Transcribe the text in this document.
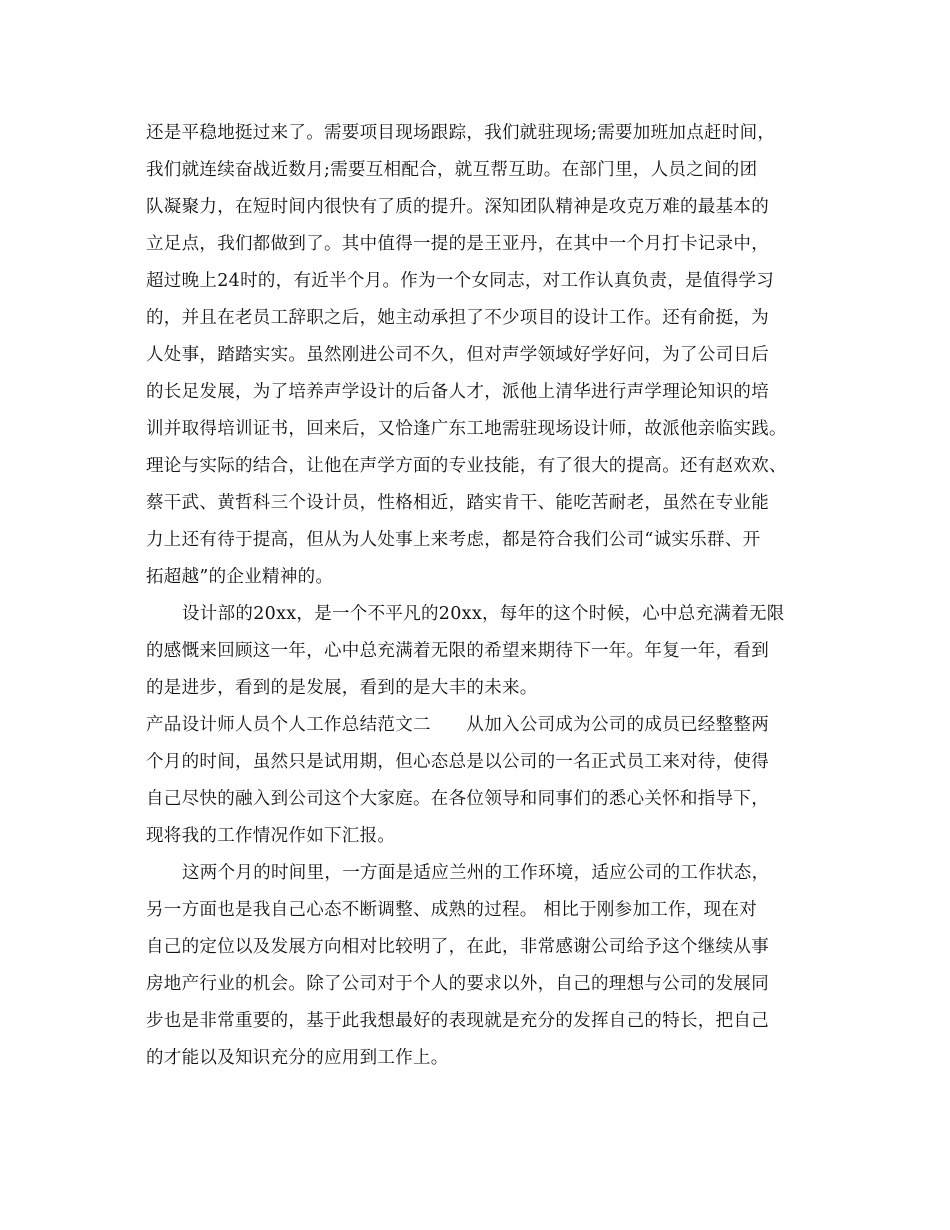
还是平稳地挺过来了。需要项目现场跟踪，我们就驻现场;需要加班加点赶时间，
我们就连续奋战近数月;需要互相配合，就互帮互助。在部门里，人员之间的团
队凝聚力，在短时间内很快有了质的提升。深知团队精神是攻克万难的最基本的
立足点，我们都做到了。其中值得一提的是王亚丹，在其中一个月打卡记录中，
超过晚上24时的，有近半个月。作为一个女同志，对工作认真负责，是值得学习
的，并且在老员工辞职之后，她主动承担了不少项目的设计工作。还有俞挺，为
人处事，踏踏实实。虽然刚进公司不久，但对声学领域好学好问，为了公司日后
的长足发展，为了培养声学设计的后备人才，派他上清华进行声学理论知识的培
训并取得培训证书，回来后，又恰逢广东工地需驻现场设计师，故派他亲临实践。
理论与实际的结合，让他在声学方面的专业技能，有了很大的提高。还有赵欢欢、
蔡干武、黄哲科三个设计员，性格相近，踏实肯干、能吃苦耐老，虽然在专业能
力上还有待于提高，但从为人处事上来考虑，都是符合我们公司“诚实乐群、开
拓超越”的企业精神的。
设计部的20xx，是一个不平凡的20xx，每年的这个时候，心中总充满着无限
的感慨来回顾这一年，心中总充满着无限的希望来期待下一年。年复一年，看到
的是进步，看到的是发展，看到的是大丰的未来。
产品设计师人员个人工作总结范文二　　从加入公司成为公司的成员已经整整两
个月的时间，虽然只是试用期，但心态总是以公司的一名正式员工来对待，使得
自己尽快的融入到公司这个大家庭。在各位领导和同事们的悉心关怀和指导下，
现将我的工作情况作如下汇报。
这两个月的时间里，一方面是适应兰州的工作环境，适应公司的工作状态，
另一方面也是我自己心态不断调整、成熟的过程。 相比于刚参加工作，现在对
自己的定位以及发展方向相对比较明了，在此，非常感谢公司给予这个继续从事
房地产行业的机会。除了公司对于个人的要求以外，自己的理想与公司的发展同
步也是非常重要的，基于此我想最好的表现就是充分的发挥自己的特长，把自己
的才能以及知识充分的应用到工作上。
